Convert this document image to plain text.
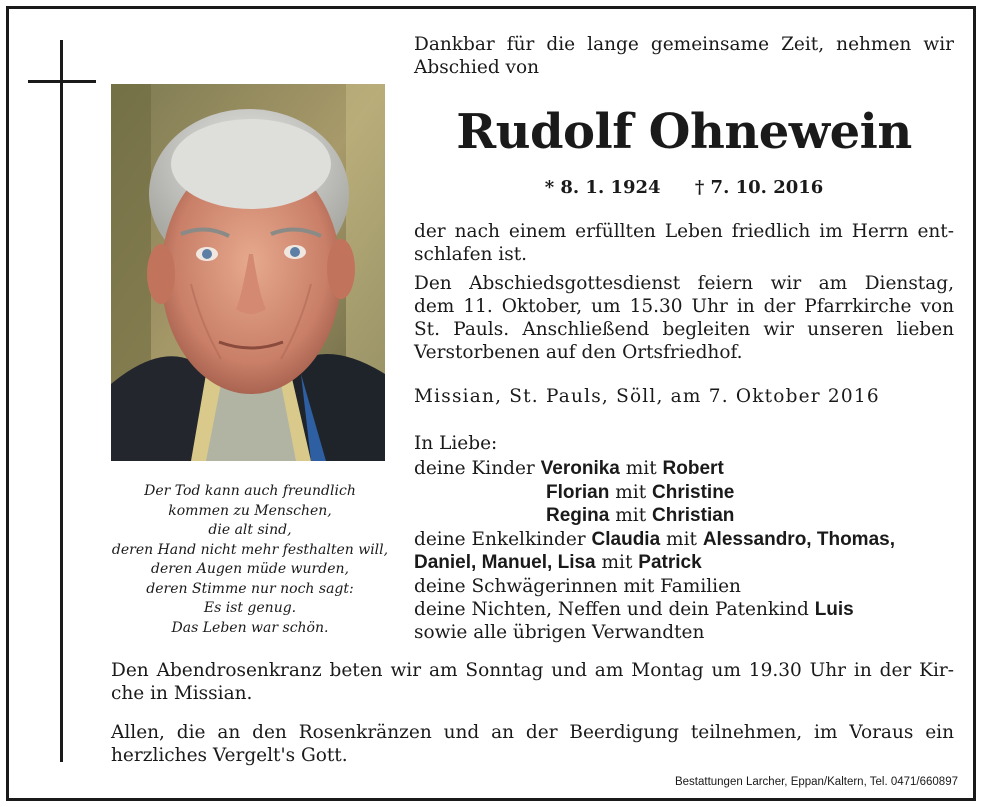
Der Tod kann auch freundlich
kommen zu Menschen,
die alt sind,
deren Hand nicht mehr festhalten will,
deren Augen müde wurden,
deren Stimme nur noch sagt:
Es ist genug.
Das Leben war schön.
Dankbar für die lange gemeinsame Zeit, nehmen wir
Abschied von
Rudolf Ohnewein
* 8. 1. 1924 † 7. 10. 2016
der nach einem erfüllten Leben friedlich im Herrn ent-
schlafen ist.
Den Abschiedsgottesdienst feiern wir am Dienstag,
dem 11. Oktober, um 15.30 Uhr in der Pfarrkirche von
St. Pauls. Anschließend begleiten wir unseren lieben
Verstorbenen auf den Ortsfriedhof.
Missian, St. Pauls, Söll, am 7. Oktober 2016
In Liebe:
deine Kinder Veronika mit Robert
Florian mit Christine
Regina mit Christian
deine Enkelkinder Claudia mit Alessandro, Thomas,
Daniel, Manuel, Lisa mit Patrick
deine Schwägerinnen mit Familien
deine Nichten, Neffen und dein Patenkind Luis
sowie alle übrigen Verwandten
Den Abendrosenkranz beten wir am Sonntag und am Montag um 19.30 Uhr in der Kir-
che in Missian.
Allen, die an den Rosenkränzen und an der Beerdigung teilnehmen, im Voraus ein
herzliches Vergelt's Gott.
Bestattungen Larcher, Eppan/Kaltern, Tel. 0471/660897
